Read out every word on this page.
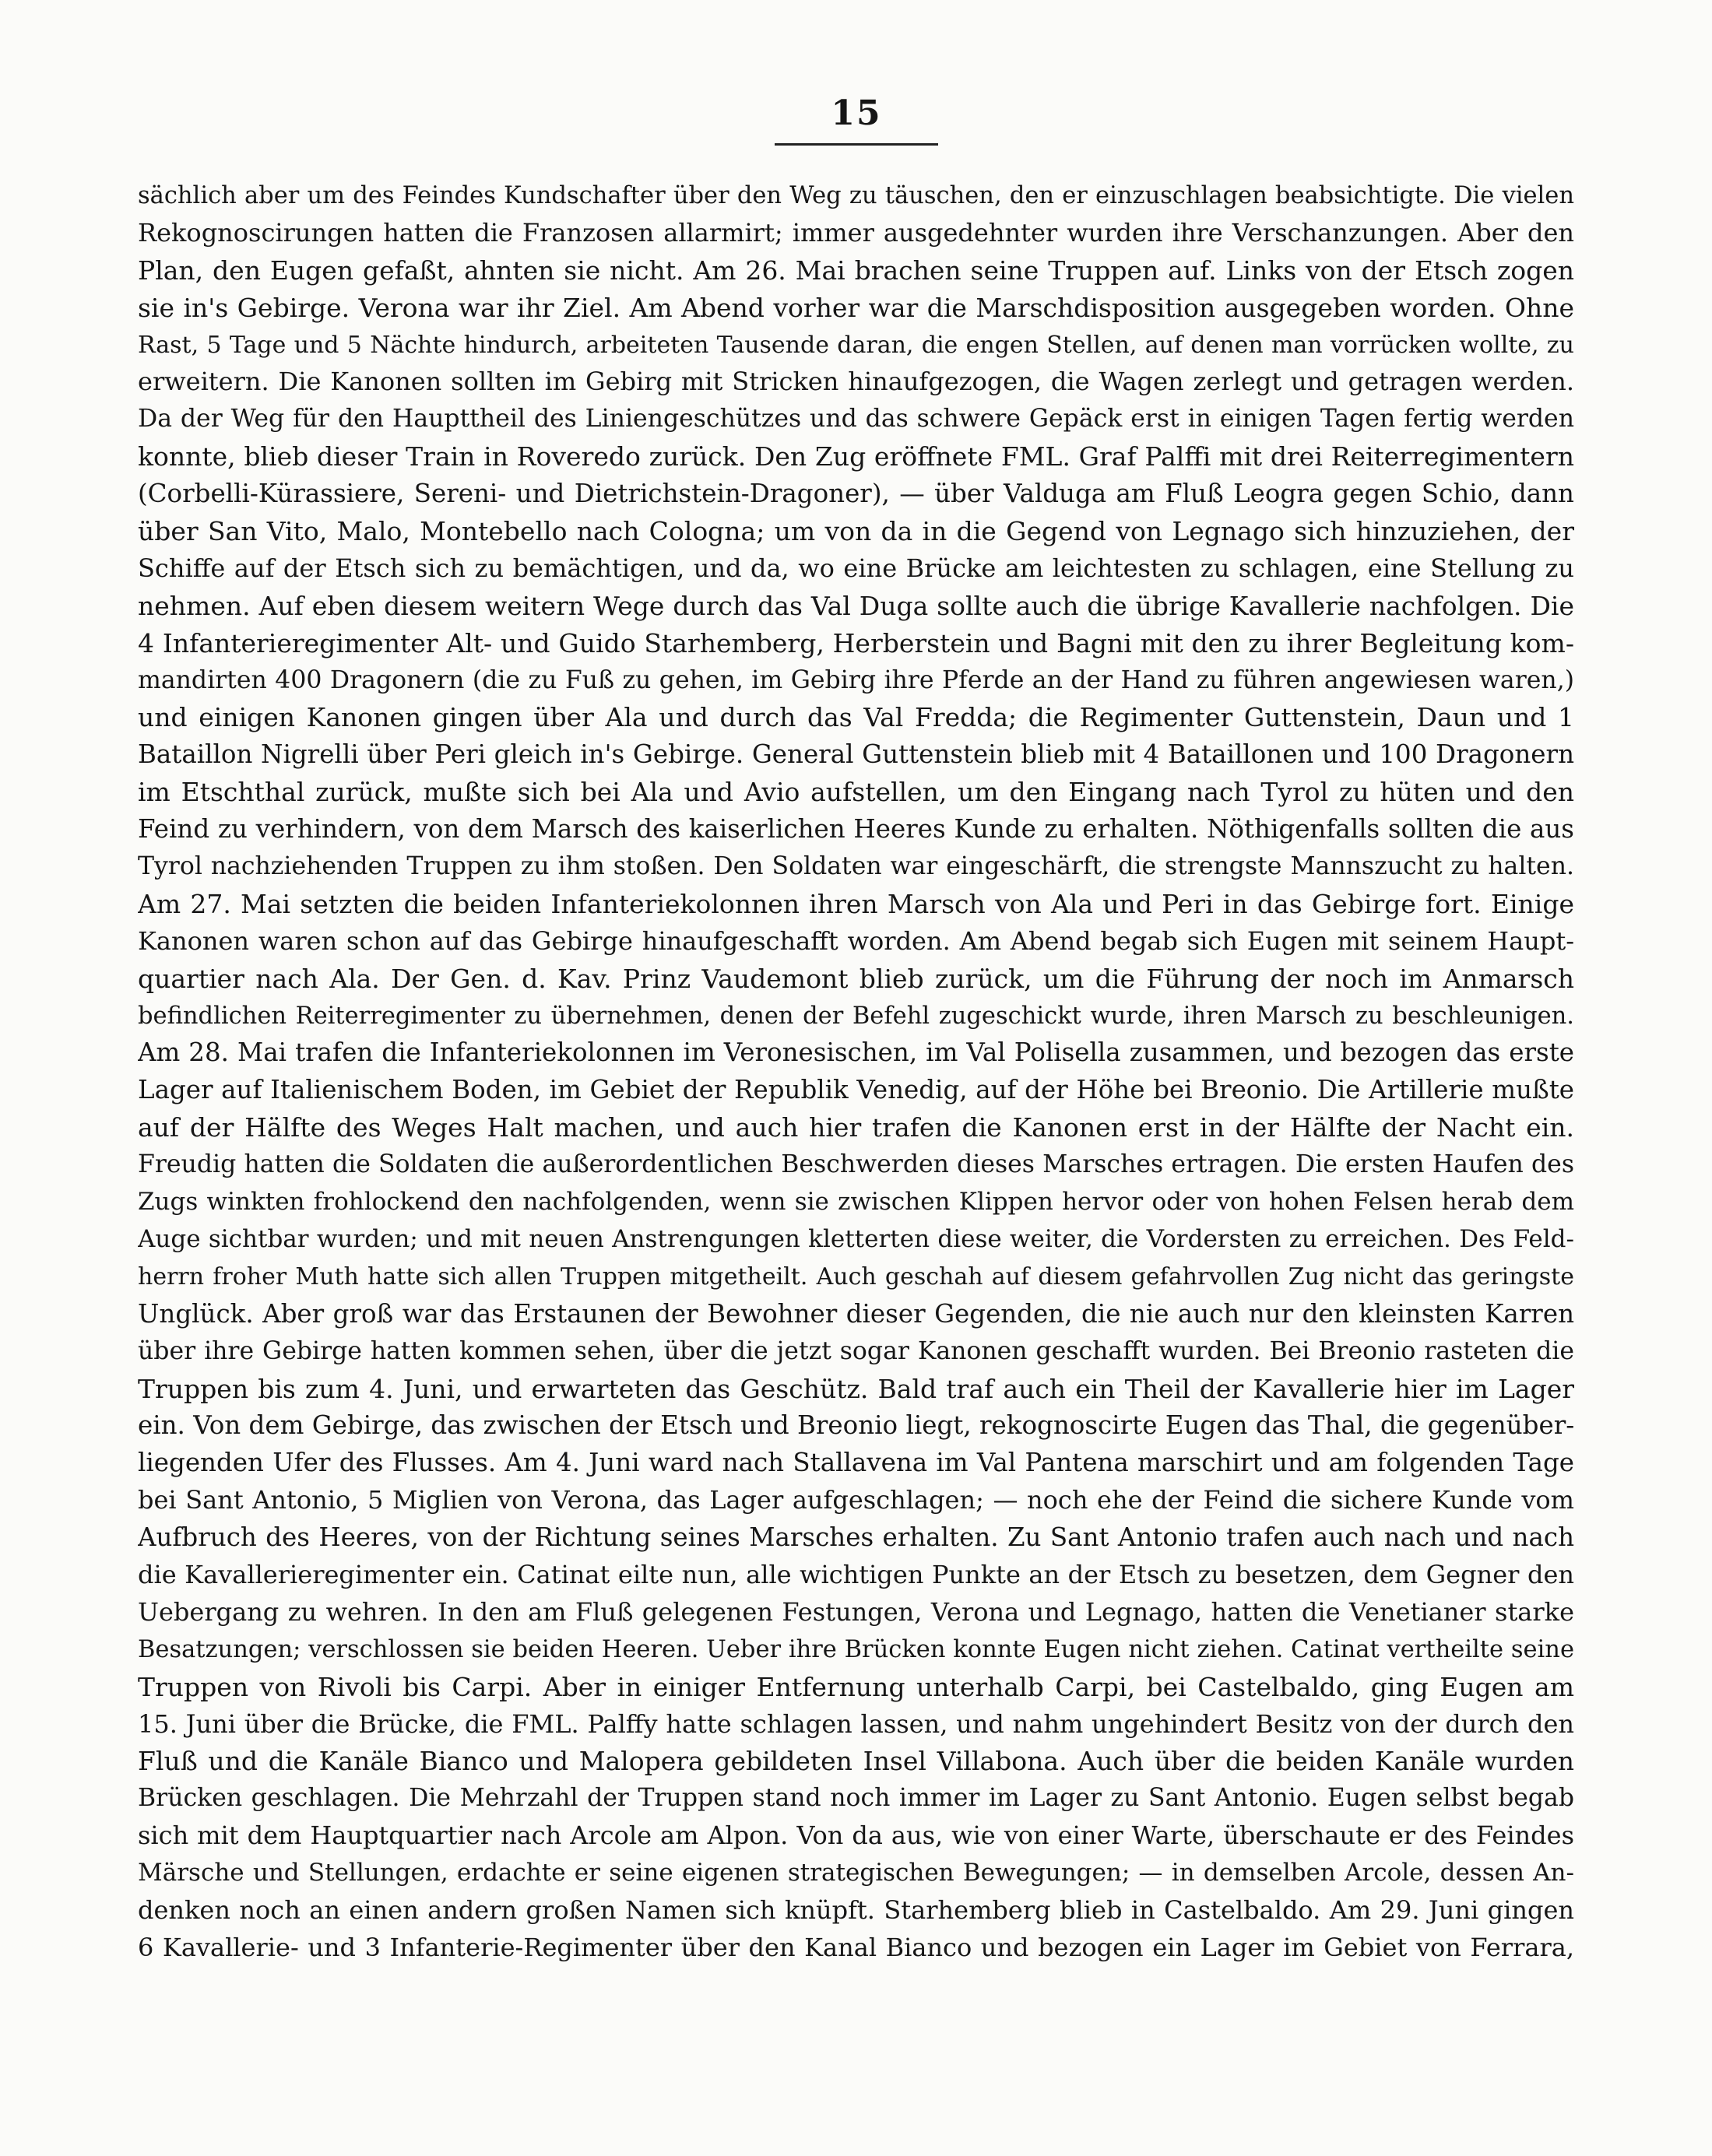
15
sächlich aber um des Feindes Kundschafter über den Weg zu täuschen, den er einzuschlagen beabsichtigte. Die vielen
Rekognoscirungen hatten die Franzosen allarmirt; immer ausgedehnter wurden ihre Verschanzungen. Aber den
Plan, den Eugen gefaßt, ahnten sie nicht. Am 26. Mai brachen seine Truppen auf. Links von der Etsch zogen
sie in's Gebirge. Verona war ihr Ziel. Am Abend vorher war die Marschdisposition ausgegeben worden. Ohne
Rast, 5 Tage und 5 Nächte hindurch, arbeiteten Tausende daran, die engen Stellen, auf denen man vorrücken wollte, zu
erweitern. Die Kanonen sollten im Gebirg mit Stricken hinaufgezogen, die Wagen zerlegt und getragen werden.
Da der Weg für den Haupttheil des Liniengeschützes und das schwere Gepäck erst in einigen Tagen fertig werden
konnte, blieb dieser Train in Roveredo zurück. Den Zug eröffnete FML. Graf Palffi mit drei Reiterregimentern
(Corbelli-Kürassiere, Sereni- und Dietrichstein-Dragoner), — über Valduga am Fluß Leogra gegen Schio, dann
über San Vito, Malo, Montebello nach Cologna; um von da in die Gegend von Legnago sich hinzuziehen, der
Schiffe auf der Etsch sich zu bemächtigen, und da, wo eine Brücke am leichtesten zu schlagen, eine Stellung zu
nehmen. Auf eben diesem weitern Wege durch das Val Duga sollte auch die übrige Kavallerie nachfolgen. Die
4 Infanterieregimenter Alt- und Guido Starhemberg, Herberstein und Bagni mit den zu ihrer Begleitung kom-
mandirten 400 Dragonern (die zu Fuß zu gehen, im Gebirg ihre Pferde an der Hand zu führen angewiesen waren,)
und einigen Kanonen gingen über Ala und durch das Val Fredda; die Regimenter Guttenstein, Daun und 1
Bataillon Nigrelli über Peri gleich in's Gebirge. General Guttenstein blieb mit 4 Bataillonen und 100 Dragonern
im Etschthal zurück, mußte sich bei Ala und Avio aufstellen, um den Eingang nach Tyrol zu hüten und den
Feind zu verhindern, von dem Marsch des kaiserlichen Heeres Kunde zu erhalten. Nöthigenfalls sollten die aus
Tyrol nachziehenden Truppen zu ihm stoßen. Den Soldaten war eingeschärft, die strengste Mannszucht zu halten.
Am 27. Mai setzten die beiden Infanteriekolonnen ihren Marsch von Ala und Peri in das Gebirge fort. Einige
Kanonen waren schon auf das Gebirge hinaufgeschafft worden. Am Abend begab sich Eugen mit seinem Haupt-
quartier nach Ala. Der Gen. d. Kav. Prinz Vaudemont blieb zurück, um die Führung der noch im Anmarsch
befindlichen Reiterregimenter zu übernehmen, denen der Befehl zugeschickt wurde, ihren Marsch zu beschleunigen.
Am 28. Mai trafen die Infanteriekolonnen im Veronesischen, im Val Polisella zusammen, und bezogen das erste
Lager auf Italienischem Boden, im Gebiet der Republik Venedig, auf der Höhe bei Breonio. Die Artillerie mußte
auf der Hälfte des Weges Halt machen, und auch hier trafen die Kanonen erst in der Hälfte der Nacht ein.
Freudig hatten die Soldaten die außerordentlichen Beschwerden dieses Marsches ertragen. Die ersten Haufen des
Zugs winkten frohlockend den nachfolgenden, wenn sie zwischen Klippen hervor oder von hohen Felsen herab dem
Auge sichtbar wurden; und mit neuen Anstrengungen kletterten diese weiter, die Vordersten zu erreichen. Des Feld-
herrn froher Muth hatte sich allen Truppen mitgetheilt. Auch geschah auf diesem gefahrvollen Zug nicht das geringste
Unglück. Aber groß war das Erstaunen der Bewohner dieser Gegenden, die nie auch nur den kleinsten Karren
über ihre Gebirge hatten kommen sehen, über die jetzt sogar Kanonen geschafft wurden. Bei Breonio rasteten die
Truppen bis zum 4. Juni, und erwarteten das Geschütz. Bald traf auch ein Theil der Kavallerie hier im Lager
ein. Von dem Gebirge, das zwischen der Etsch und Breonio liegt, rekognoscirte Eugen das Thal, die gegenüber-
liegenden Ufer des Flusses. Am 4. Juni ward nach Stallavena im Val Pantena marschirt und am folgenden Tage
bei Sant Antonio, 5 Miglien von Verona, das Lager aufgeschlagen; — noch ehe der Feind die sichere Kunde vom
Aufbruch des Heeres, von der Richtung seines Marsches erhalten. Zu Sant Antonio trafen auch nach und nach
die Kavallerieregimenter ein. Catinat eilte nun, alle wichtigen Punkte an der Etsch zu besetzen, dem Gegner den
Uebergang zu wehren. In den am Fluß gelegenen Festungen, Verona und Legnago, hatten die Venetianer starke
Besatzungen; verschlossen sie beiden Heeren. Ueber ihre Brücken konnte Eugen nicht ziehen. Catinat vertheilte seine
Truppen von Rivoli bis Carpi. Aber in einiger Entfernung unterhalb Carpi, bei Castelbaldo, ging Eugen am
15. Juni über die Brücke, die FML. Palffy hatte schlagen lassen, und nahm ungehindert Besitz von der durch den
Fluß und die Kanäle Bianco und Malopera gebildeten Insel Villabona. Auch über die beiden Kanäle wurden
Brücken geschlagen. Die Mehrzahl der Truppen stand noch immer im Lager zu Sant Antonio. Eugen selbst begab
sich mit dem Hauptquartier nach Arcole am Alpon. Von da aus, wie von einer Warte, überschaute er des Feindes
Märsche und Stellungen, erdachte er seine eigenen strategischen Bewegungen; — in demselben Arcole, dessen An-
denken noch an einen andern großen Namen sich knüpft. Starhemberg blieb in Castelbaldo. Am 29. Juni gingen
6 Kavallerie- und 3 Infanterie-Regimenter über den Kanal Bianco und bezogen ein Lager im Gebiet von Ferrara,
